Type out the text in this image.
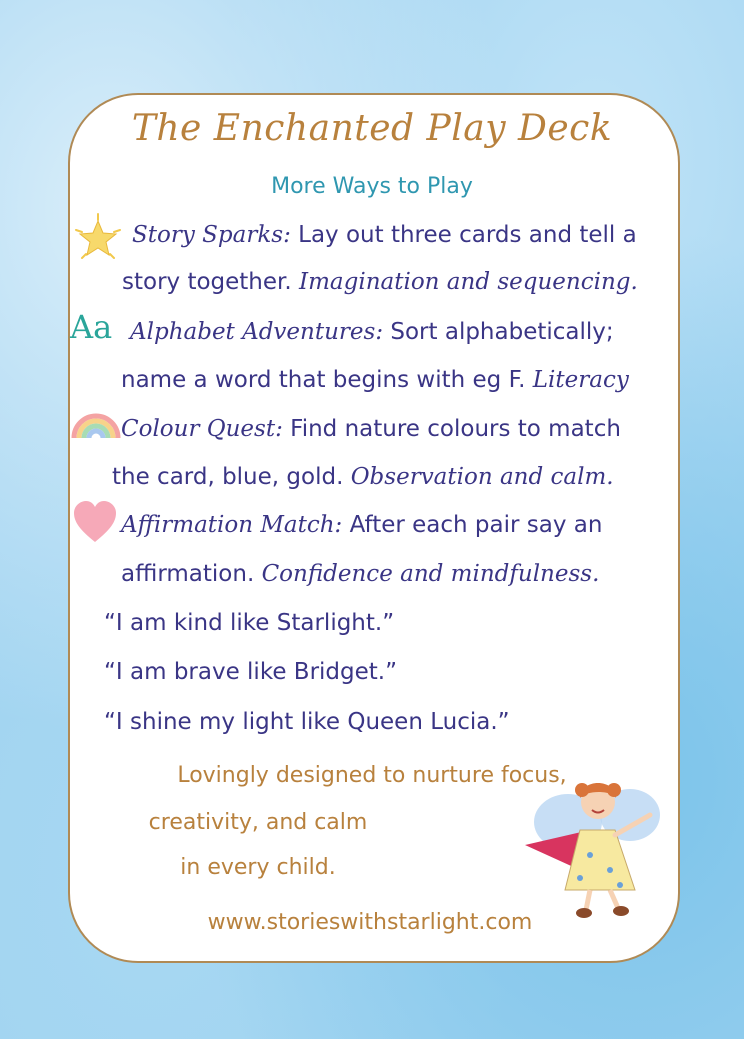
The Enchanted Play Deck
More Ways to Play
Story Sparks: Lay out three cards and tell a
story together. Imagination and sequencing.
Aa Alphabet Adventures: Sort alphabetically;
name a word that begins with eg F. Literacy
Colour Quest: Find nature colours to match
the card, blue, gold. Observation and calm.
Affirmation Match: After each pair say an
affirmation. Confidence and mindfulness.
“I am kind like Starlight.”
“I am brave like Bridget.”
“I shine my light like Queen Lucia.”
Lovingly designed to nurture focus,
creativity, and calm
in every child.
www.storieswithstarlight.com
